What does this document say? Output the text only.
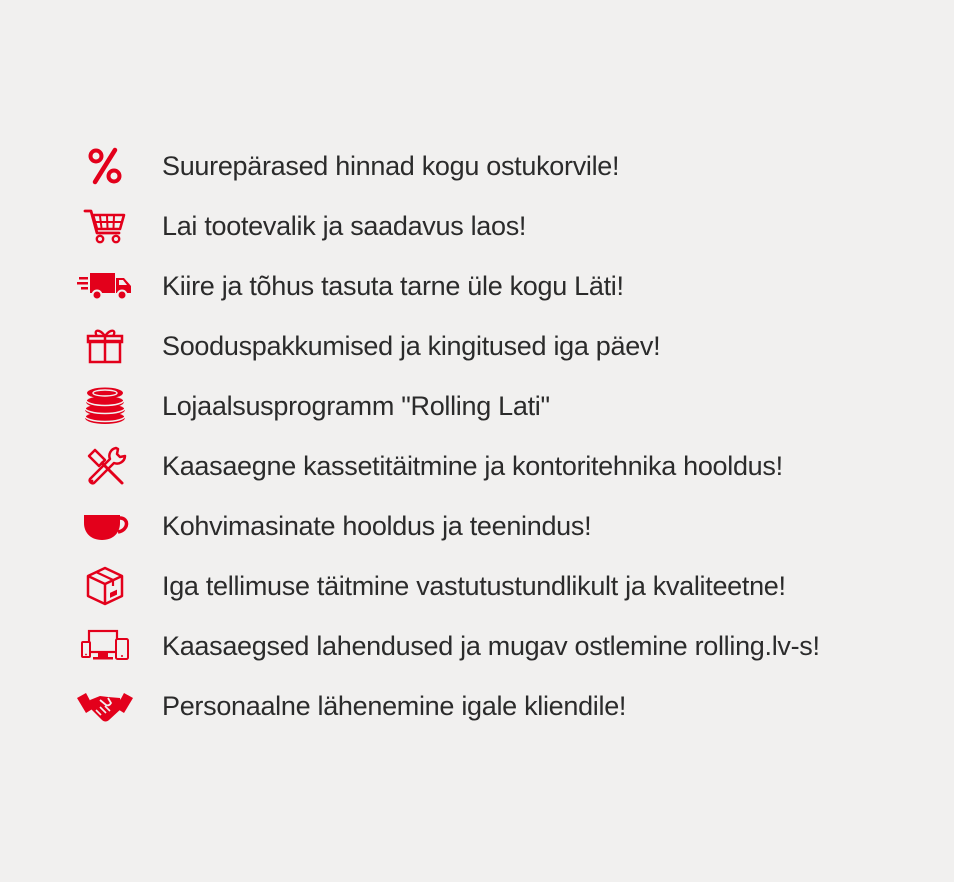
Suurepärased hinnad kogu ostukorvile!
Lai tootevalik ja saadavus laos!
Kiire ja tõhus tasuta tarne üle kogu Läti!
Sooduspakkumised ja kingitused iga päev!
Lojaalsusprogramm "Rolling Lati"
Kaasaegne kassetitäitmine ja kontoritehnika hooldus!
Kohvimasinate hooldus ja teenindus!
Iga tellimuse täitmine vastutustundlikult ja kvaliteetne!
Kaasaegsed lahendused ja mugav ostlemine rolling.lv-s!
Personaalne lähenemine igale kliendile!
